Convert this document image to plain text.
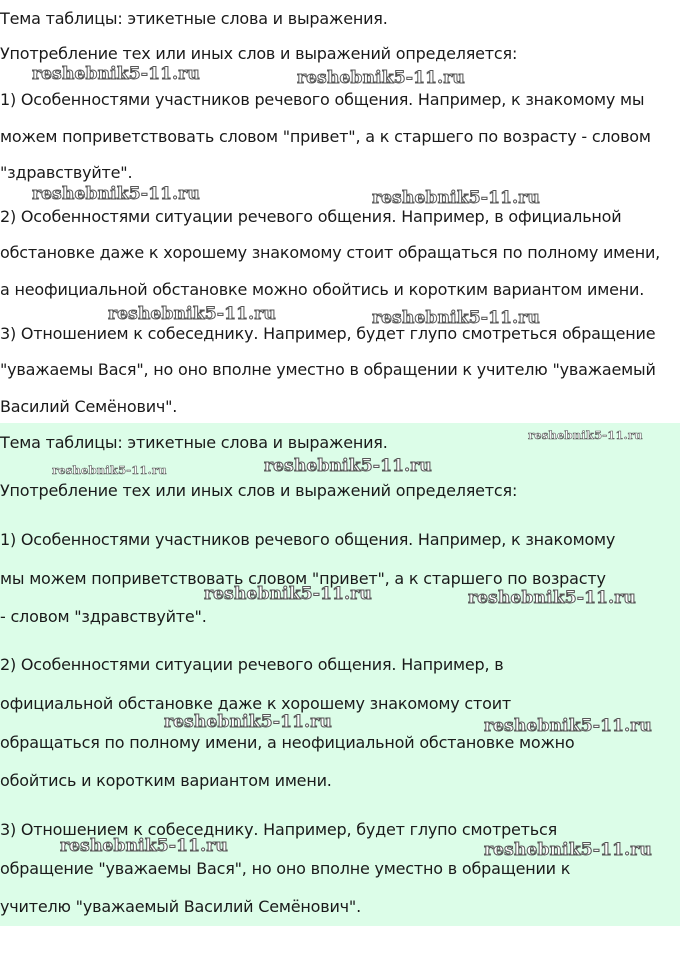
Тема таблицы: этикетные слова и выражения.
Употребление тех или иных слов и выражений определяется:
1) Особенностями участников речевого общения. Например, к знакомому мы
можем поприветствовать словом "привет", а к старшего по возрасту - словом
"здравствуйте".
2) Особенностями ситуации речевого общения. Например, в официальной
обстановке даже к хорошему знакомому стоит обращаться по полному имени,
а неофициальной обстановке можно обойтись и коротким вариантом имени.
3) Отношением к собеседнику. Например, будет глупо смотреться обращение
"уважаемы Вася", но оно вполне уместно в обращении к учителю "уважаемый
Василий Семёнович".
Тема таблицы: этикетные слова и выражения.
Употребление тех или иных слов и выражений определяется:
1) Особенностями участников речевого общения. Например, к знакомому
мы можем поприветствовать словом "привет", а к старшего по возрасту
- словом "здравствуйте".
2) Особенностями ситуации речевого общения. Например, в
официальной обстановке даже к хорошему знакомому стоит
обращаться по полному имени, а неофициальной обстановке можно
обойтись и коротким вариантом имени.
3) Отношением к собеседнику. Например, будет глупо смотреться
обращение "уважаемы Вася", но оно вполне уместно в обращении к
учителю "уважаемый Василий Семёнович".
reshebnik5-11.ru	reshebnik5-11.ru
reshebnik5-11.ru	reshebnik5-11.ru
reshebnik5-11.ru	reshebnik5-11.ru
reshebnik5-11.ru
reshebnik5-11.ru	reshebnik5-11.ru
reshebnik5-11.ru	reshebnik5-11.ru
reshebnik5-11.ru	reshebnik5-11.ru
reshebnik5-11.ru	reshebnik5-11.ru
